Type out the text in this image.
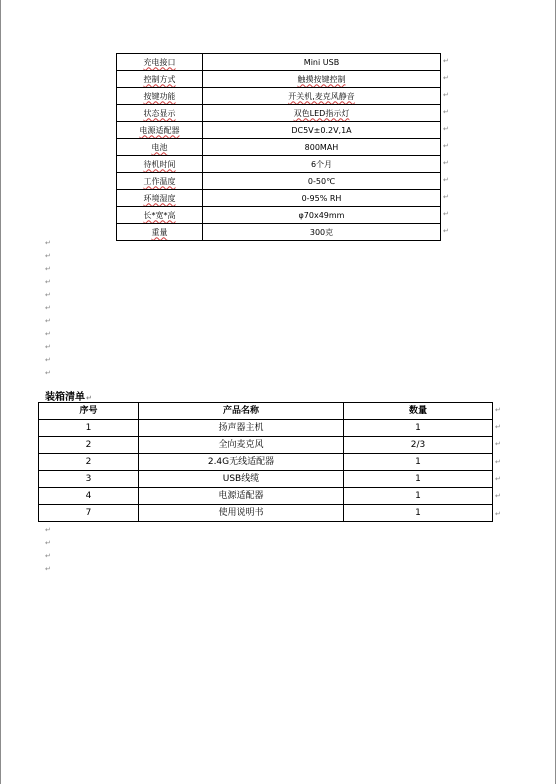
充电接口	Mini USB
控制方式	触摸按键控制
按键功能	开关机,麦克风静音
状态显示	双色LED指示灯
电源适配器	DC5V±0.2V,1A
电池	800MAH
待机时间	6个月
工作温度	0-50℃
环境湿度	0-95% RH
长*宽*高	φ70x49mm
重量	300克
↵
↵
↵
↵
↵
↵
↵
↵
↵
↵
↵
↵
↵
↵
↵
↵
↵
↵
↵
↵
↵
↵
装箱清单↵
序号	产品名称	数量
1	扬声器主机	1
2	全向麦克风	2/3
2	2.4G无线适配器	1
3	USB线缆	1
4	电源适配器	1
7	使用说明书	1
↵
↵
↵
↵
↵
↵
↵
↵
↵
↵
↵
